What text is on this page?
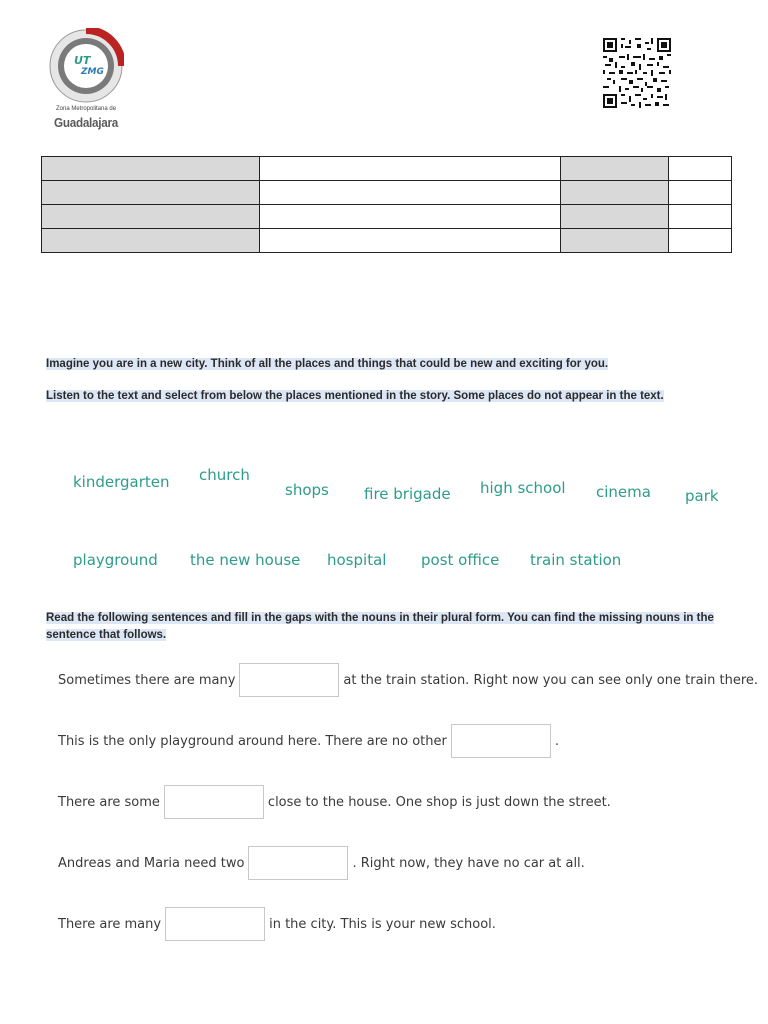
UT
ZMG
Zona Metropolitana de
Guadalajara

Imagine you are in a new city. Think of all the places and things that could be new and exciting for you.
Listen to the text and select from below the places mentioned in the story. Some places do not appear in the text.
kindergarten church
shops fire brigade high school cinema park
playground the new house hospital post office train station
Read the following sentences and fill in the gaps with the nouns in their plural form. You can find the missing nouns in the sentence that follows.
Sometimes there are many	at the train station. Right now you can see only one train there.
This is the only playground around here. There are no other	.
There are some	close to the house. One shop is just down the street.
Andreas and Maria need two	. Right now, they have no car at all.
There are many	in the city. This is your new school.
